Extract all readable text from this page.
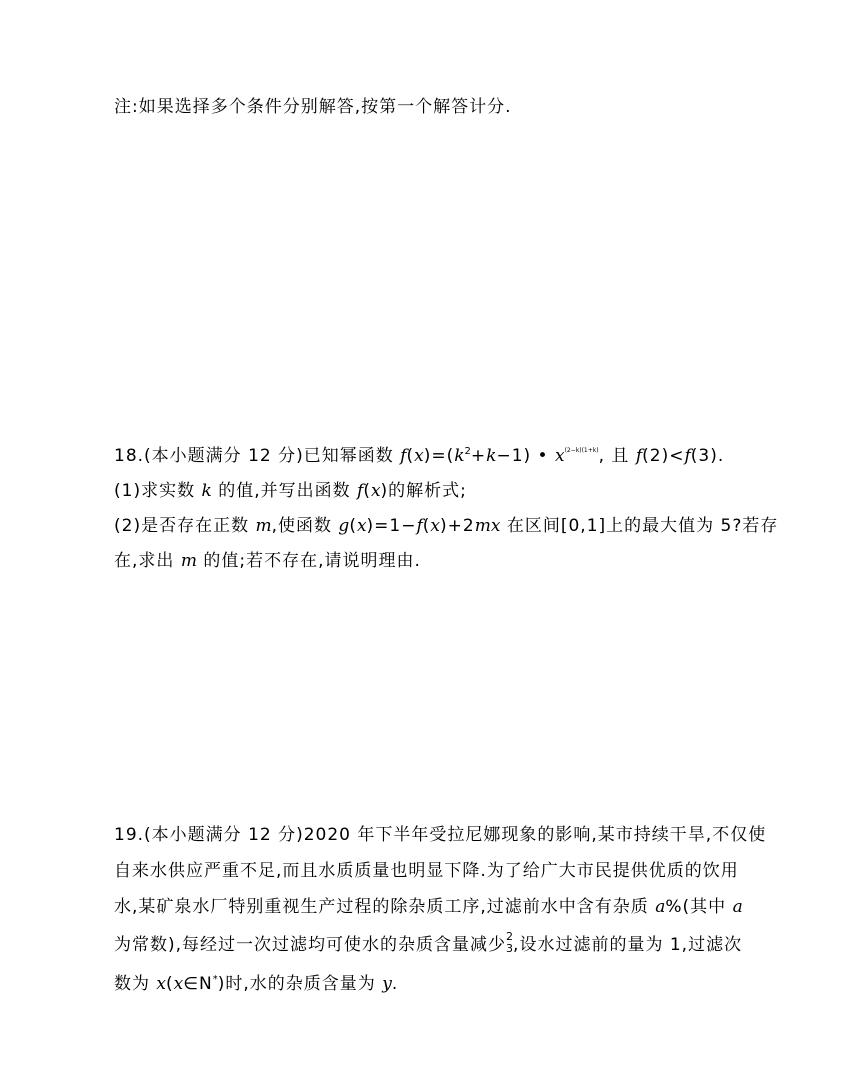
注:如果选择多个条件分别解答,按第一个解答计分.
18.(本小题满分 12 分)已知幂函数 $f(x)=(k^2+k-1)$ • $x^{(2-k)(1+k)}$, 且 f(2)<f(3).
(1)求实数 k 的值,并写出函数 f(x)的解析式;
(2)是否存在正数 m,使函数 g(x)=1−f(x)+2mx 在区间[0,1]上的最大值为 5?若存
在,求出 m 的值;若不存在,请说明理由.
19.(本小题满分 12 分)2020 年下半年受拉尼娜现象的影响,某市持续干旱,不仅使
自来水供应严重不足,而且水质质量也明显下降.为了给广大市民提供优质的饮用
水,某矿泉水厂特别重视生产过程的除杂质工序,过滤前水中含有杂质 a%(其中 a
为常数),每经过一次过滤均可使水的杂质含量减少 2
3 ,设水过滤前的量为 1,过滤次
数为 x(x∈N*)时,水的杂质含量为 y.
